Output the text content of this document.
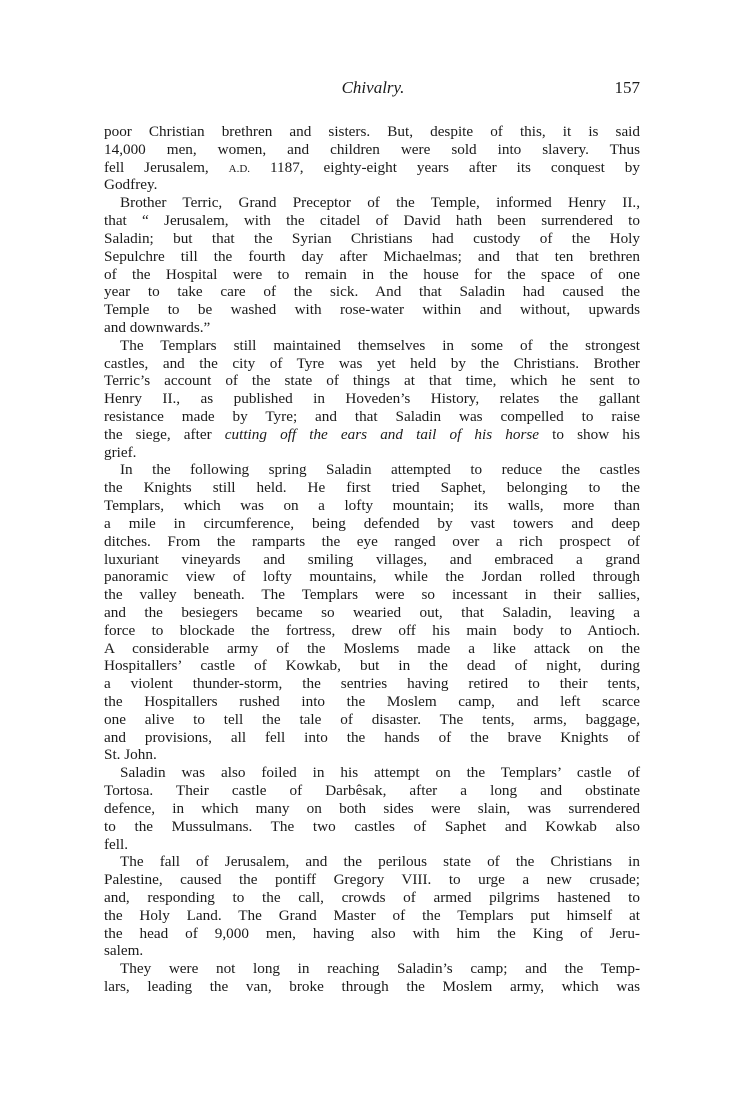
Chivalry.	157
poor Christian brethren and sisters. But, despite of this, it is said
14,000 men, women, and children were sold into slavery. Thus
fell Jerusalem, A.D. 1187, eighty-eight years after its conquest by
Godfrey.
Brother Terric, Grand Preceptor of the Temple, informed Henry II.,
that “ Jerusalem, with the citadel of David hath been surrendered to
Saladin; but that the Syrian Christians had custody of the Holy
Sepulchre till the fourth day after Michaelmas; and that ten brethren
of the Hospital were to remain in the house for the space of one
year to take care of the sick. And that Saladin had caused the
Temple to be washed with rose-water within and without, upwards
and downwards.”
The Templars still maintained themselves in some of the strongest
castles, and the city of Tyre was yet held by the Christians. Brother
Terric’s account of the state of things at that time, which he sent to
Henry II., as published in Hoveden’s History, relates the gallant
resistance made by Tyre; and that Saladin was compelled to raise
the siege, after cutting off the ears and tail of his horse to show his
grief.
In the following spring Saladin attempted to reduce the castles
the Knights still held. He first tried Saphet, belonging to the
Templars, which was on a lofty mountain; its walls, more than
a mile in circumference, being defended by vast towers and deep
ditches. From the ramparts the eye ranged over a rich prospect of
luxuriant vineyards and smiling villages, and embraced a grand
panoramic view of lofty mountains, while the Jordan rolled through
the valley beneath. The Templars were so incessant in their sallies,
and the besiegers became so wearied out, that Saladin, leaving a
force to blockade the fortress, drew off his main body to Antioch.
A considerable army of the Moslems made a like attack on the
Hospitallers’ castle of Kowkab, but in the dead of night, during
a violent thunder-storm, the sentries having retired to their tents,
the Hospitallers rushed into the Moslem camp, and left scarce
one alive to tell the tale of disaster. The tents, arms, baggage,
and provisions, all fell into the hands of the brave Knights of
St. John.
Saladin was also foiled in his attempt on the Templars’ castle of
Tortosa. Their castle of Darbêsak, after a long and obstinate
defence, in which many on both sides were slain, was surrendered
to the Mussulmans. The two castles of Saphet and Kowkab also
fell.
The fall of Jerusalem, and the perilous state of the Christians in
Palestine, caused the pontiff Gregory VIII. to urge a new crusade;
and, responding to the call, crowds of armed pilgrims hastened to
the Holy Land. The Grand Master of the Templars put himself at
the head of 9,000 men, having also with him the King of Jeru-
salem.
They were not long in reaching Saladin’s camp; and the Temp-
lars, leading the van, broke through the Moslem army, which was
